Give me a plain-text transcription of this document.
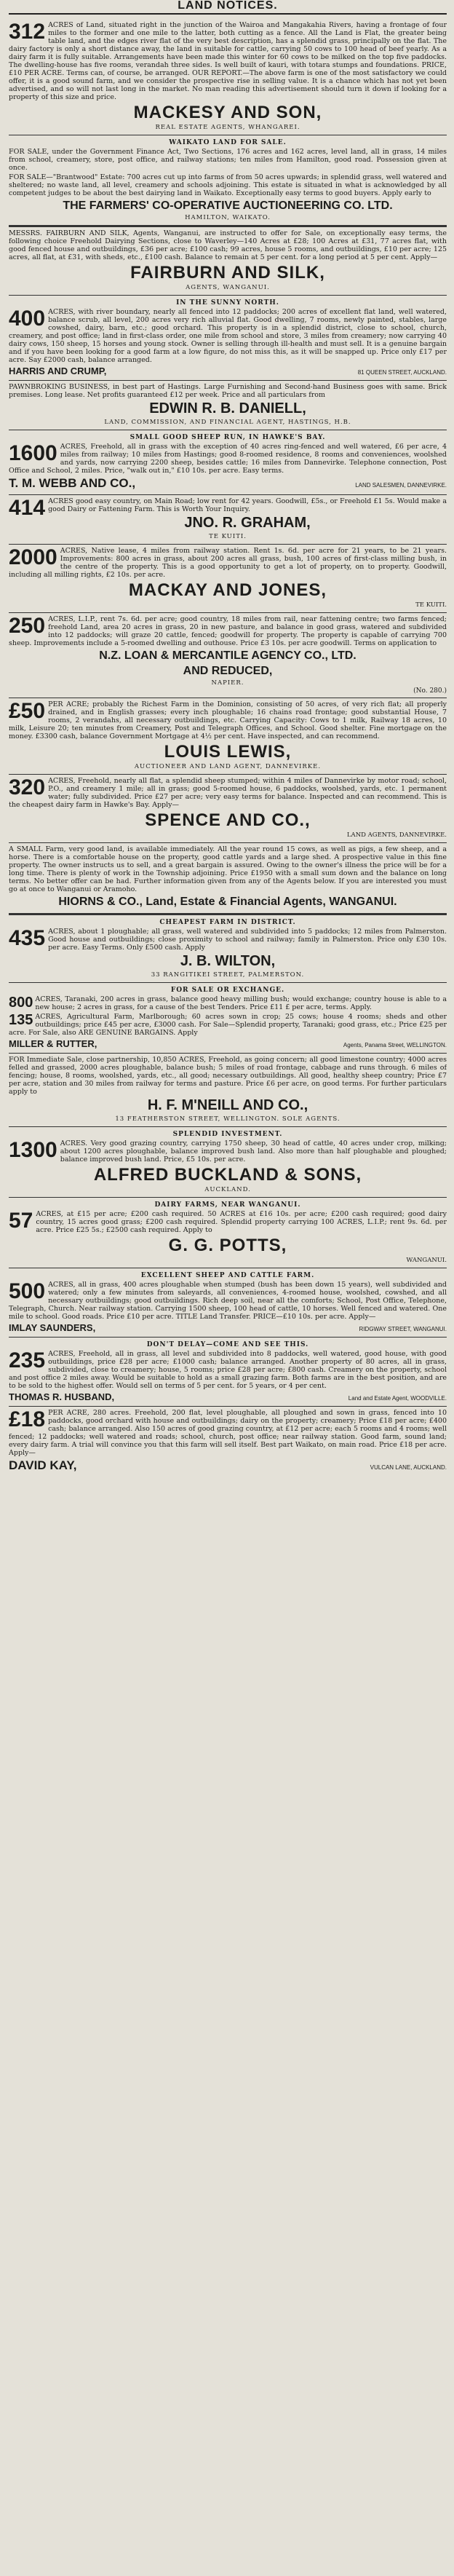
LAND NOTICES.
312 ACRES of Land, situated right in the junction of the Wairoa and Mangakahia Rivers, having a frontage of four miles to the former and one mile to the latter, both cutting as a fence. All the Land is Flat, the greater being table land, and the edges river flat of the very best description, has a splendid grass, principally on the flat. The dairy factory is only a short distance away, the land in suitable for cattle, carrying 50 cows to 100 head of beef yearly. As a dairy farm it is fully suitable. Arrangements have been made this winter for 60 cows to be milked on the top five paddocks. The dwelling-house has five rooms, verandah three sides. Is well built of kauri, with totara stumps and foundations. PRICE, £10 PER ACRE. Terms can, of course, be arranged. OUR REPORT.—The above farm is one of the most satisfactory we could offer, it is a good sound farm, and we consider the prospective rise in selling value. It is a chance which has not yet been advertised, and so will not last long in the market. No man reading this advertisement should turn it down if looking for a property of this size and price.
MACKESY AND SON,
REAL ESTATE AGENTS, WHANGAREI.
WAIKATO LAND FOR SALE.
FOR SALE, under the Government Finance Act, Two Sections, 176 acres and 162 acres, level land, all in grass, 14 miles from school, creamery, store, post office, and railway stations; ten miles from Hamilton, good road. Possession given at once.
FOR SALE—"Brantwood" Estate: 700 acres cut up into farms of from 50 acres upwards; in splendid grass, well watered and sheltered; no waste land, all level, creamery and schools adjoining. This estate is situated in what is acknowledged by all competent judges to be about the best dairying land in Waikato. Exceptionally easy terms to good buyers. Apply early to
THE FARMERS' CO-OPERATIVE AUCTIONEERING CO. LTD.
HAMILTON, WAIKATO.
MESSRS. FAIRBURN AND SILK, Agents, Wanganui, are instructed to offer for Sale, on exceptionally easy terms, the following choice Freehold Dairying Sections, close to Waverley—140 Acres at £28; 100 Acres at £31, 77 acres flat, with good fenced house and outbuildings, £36 per acre; £100 cash; 99 acres, house 5 rooms, and outbuildings, £10 per acre; 125 acres, all flat, at £31, with sheds, etc., £100 cash. Balance to remain at 5 per cent. for a long period at 5 per cent. Apply—
FAIRBURN AND SILK,
AGENTS, WANGANUI.
IN THE SUNNY NORTH.
400 ACRES, with river boundary, nearly all fenced into 12 paddocks; 200 acres of excellent flat land, well watered, balance scrub, all level, 200 acres very rich alluvial flat. Good dwelling, 7 rooms, newly painted, stables, large cowshed, dairy, barn, etc.; good orchard. This property is in a splendid district, close to school, church, creamery, and post office; land in first-class order, one mile from school and store, 3 miles from creamery; now carrying 40 dairy cows, 150 sheep, 15 horses and young stock. Owner is selling through ill-health and must sell. It is a genuine bargain and if you have been looking for a good farm at a low figure, do not miss this, as it will be snapped up. Price only £17 per acre. Say £2000 cash, balance arranged.
HARRIS AND CRUMP,	81 QUEEN STREET, AUCKLAND.
PAWNBROKING BUSINESS, in best part of Hastings. Large Furnishing and Second-hand Business goes with same. Brick premises. Long lease. Net profits guaranteed £12 per week. Price and all particulars from
EDWIN R. B. DANIELL,
LAND, COMMISSION, AND FINANCIAL AGENT, HASTINGS, H.B.
SMALL GOOD SHEEP RUN, IN HAWKE'S BAY.
1600 ACRES, Freehold, all in grass with the exception of 40 acres ring-fenced and well watered, £6 per acre, 4 miles from railway; 10 miles from Hastings; good 8-roomed residence, 8 rooms and conveniences, woolshed and yards, now carrying 2200 sheep, besides cattle; 16 miles from Dannevirke. Telephone connection, Post Office and School, 2 miles. Price, "walk out in," £10 10s. per acre. Easy terms.
T. M. WEBB AND CO.,	LAND SALESMEN, DANNEVIRKE.
414 ACRES good easy country, on Main Road; low rent for 42 years. Goodwill, £5s., or Freehold £1 5s. Would make a good Dairy or Fattening Farm. This is Worth Your Inquiry.
JNO. R. GRAHAM,
TE KUITI.
2000 ACRES, Native lease, 4 miles from railway station. Rent 1s. 6d. per acre for 21 years, to be 21 years. Improvements: 800 acres in grass, about 200 acres all grass, bush, 100 acres of first-class milling bush, in the centre of the property. This is a good opportunity to get a lot of property, on to property. Goodwill, including all milling rights, £2 10s. per acre.
MACKAY AND JONES,
TE KUITI.
250 ACRES, L.I.P., rent 7s. 6d. per acre; good country, 18 miles from rail, near fattening centre; two farms fenced; freehold Land, area 20 acres in grass, 20 in new pasture, and balance in good grass, watered and subdivided into 12 paddocks; will graze 20 cattle, fenced; goodwill for property. The property is capable of carrying 700 sheep. Improvements include a 5-roomed dwelling and outhouse. Price £3 10s. per acre goodwill. Terms on application to
N.Z. LOAN & MERCANTILE AGENCY CO., LTD.
AND REDUCED,
NAPIER.
(No. 280.)
£50 PER ACRE; probably the Richest Farm in the Dominion, consisting of 50 acres, of very rich flat; all properly drained, and in English grasses; every inch ploughable; 16 chains road frontage; good substantial House, 7 rooms, 2 verandahs, all necessary outbuildings, etc. Carrying Capacity: Cows to 1 milk, Railway 18 acres, 10 milk, Leisure 20; ten minutes from Creamery, Post and Telegraph Offices, and School. Good shelter. Fine mortgage on the money. £3300 cash, balance Government Mortgage at 4½ per cent. Have inspected, and can recommend.
LOUIS LEWIS,
AUCTIONEER AND LAND AGENT, DANNEVIRKE.
320 ACRES, Freehold, nearly all flat, a splendid sheep stumped; within 4 miles of Dannevirke by motor road; school, P.O., and creamery 1 mile; all in grass; good 5-roomed house, 6 paddocks, woolshed, yards, etc. 1 permanent water; fully subdivided. Price £27 per acre; very easy terms for balance. Inspected and can recommend. This is the cheapest dairy farm in Hawke's Bay. Apply—
SPENCE AND CO.,
LAND AGENTS, DANNEVIRKE.
A SMALL Farm, very good land, is available immediately. All the year round 15 cows, as well as pigs, a few sheep, and a horse. There is a comfortable house on the property, good cattle yards and a large shed. A prospective value in this fine property. The owner instructs us to sell, and a great bargain is assured. Owing to the owner's illness the price will be for a long time. There is plenty of work in the Township adjoining. Price £1950 with a small sum down and the balance on long terms. No better offer can be had. Further information given from any of the Agents below. If you are interested you must go at once to Wanganui or Aramoho.
HIORNS & CO., Land, Estate & Financial Agents, WANGANUI.
CHEAPEST FARM IN DISTRICT.
435 ACRES, about 1 ploughable; all grass, well watered and subdivided into 5 paddocks; 12 miles from Palmerston. Good house and outbuildings; close proximity to school and railway; family in Palmerston. Price only £30 10s. per acre. Easy Terms. Only £500 cash. Apply
J. B. WILTON,
33 RANGITIKEI STREET, PALMERSTON.
FOR SALE OR EXCHANGE.
800 ACRES, Taranaki, 200 acres in grass, balance good heavy milling bush; would exchange; country house is able to a new house; 2 acres in grass, for a cause of the best Tenders. Price £11 £ per acre, terms. Apply.
135 ACRES, Agricultural Farm, Marlborough; 60 acres sown in crop; 25 cows; house 4 rooms; sheds and other outbuildings; price £45 per acre, £3000 cash. For Sale—Splendid property, Taranaki; good grass, etc.; Price £25 per acre. For Sale, also ARE GENUINE BARGAINS. Apply
MILLER & RUTTER,	Agents, Panama Street, WELLINGTON.
FOR Immediate Sale, close partnership, 10,850 ACRES, Freehold, as going concern; all good limestone country; 4000 acres felled and grassed, 2000 acres ploughable, balance bush; 5 miles of road frontage, cabbage and runs through. 6 miles of fencing; house, 8 rooms, woolshed, yards, etc., all good; necessary outbuildings. All good, healthy sheep country; Price £7 per acre, station and 30 miles from railway for terms and pasture. Price £6 per acre, on good terms. For further particulars apply to
H. F. M'NEILL AND CO.,
13 FEATHERSTON STREET, WELLINGTON. SOLE AGENTS.
SPLENDID INVESTMENT.
1300 ACRES. Very good grazing country, carrying 1750 sheep, 30 head of cattle, 40 acres under crop, milking; about 1200 acres ploughable, balance improved bush land. Also more than half ploughable and ploughed; balance improved bush land. Price, £5 10s. per acre.
ALFRED BUCKLAND & SONS,
AUCKLAND.
DAIRY FARMS, NEAR WANGANUI.
57 ACRES, at £15 per acre; £200 cash required. 50 ACRES at £16 10s. per acre; £200 cash required; good dairy country, 15 acres good grass; £200 cash required. Splendid property carrying 100 ACRES, L.I.P.; rent 9s. 6d. per acre. Price £25 5s.; £2500 cash required. Apply to
G. G. POTTS,
WANGANUI.
EXCELLENT SHEEP AND CATTLE FARM.
500 ACRES, all in grass, 400 acres ploughable when stumped (bush has been down 15 years), well subdivided and watered; only a few minutes from saleyards, all conveniences, 4-roomed house, woolshed, cowshed, and all necessary outbuildings; good outbuildings. Rich deep soil, near all the comforts; School, Post Office, Telephone, Telegraph, Church. Near railway station. Carrying 1500 sheep, 100 head of cattle, 10 horses. Well fenced and watered. One mile to school. Good roads. Price £10 per acre. TITLE Land Transfer. PRICE—£10 10s. per acre. Apply—
IMLAY SAUNDERS,	RIDGWAY STREET, WANGANUI.
DON'T DELAY—COME AND SEE THIS.
235 ACRES, Freehold, all in grass, all level and subdivided into 8 paddocks, well watered, good house, with good outbuildings, price £28 per acre; £1000 cash; balance arranged. Another property of 80 acres, all in grass, subdivided, close to creamery; house, 5 rooms; price £28 per acre; £800 cash. Creamery on the property, school and post office 2 miles away. Would be suitable to hold as a small grazing farm. Both farms are in the best position, and are to be sold to the highest offer. Would sell on terms of 5 per cent. for 5 years, or 4 per cent.
THOMAS R. HUSBAND,	Land and Estate Agent, WOODVILLE.
£18 PER ACRE, 280 acres. Freehold, 200 flat, level ploughable, all ploughed and sown in grass, fenced into 10 paddocks, good orchard with house and outbuildings; dairy on the property; creamery; Price £18 per acre; £400 cash; balance arranged. Also 150 acres of good grazing country, at £12 per acre; each 5 rooms and 4 rooms; well fenced; 12 paddocks; well watered and roads; school, church, post office; near railway station. Good farm, sound land; every dairy farm. A trial will convince you that this farm will sell itself. Best part Waikato, on main road. Price £18 per acre. Apply—
DAVID KAY,	VULCAN LANE, AUCKLAND.
